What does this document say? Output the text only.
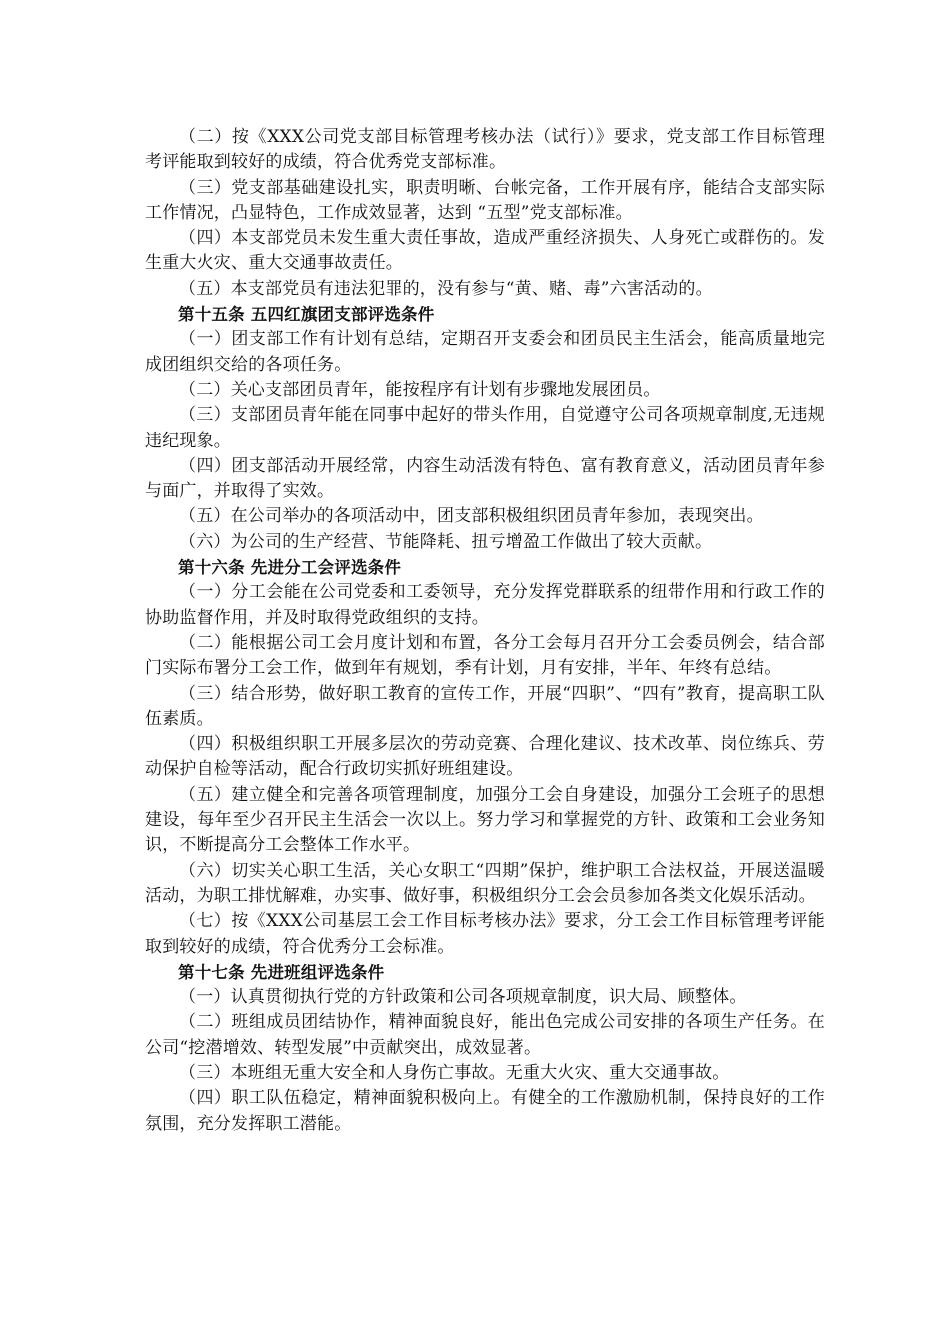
（二）按《XXX公司党支部目标管理考核办法（试行）》要求，党支部工作目标管理考评能取到较好的成绩，符合优秀党支部标准。

（三）党支部基础建设扎实，职责明晰、台帐完备，工作开展有序，能结合支部实际工作情况，凸显特色，工作成效显著，达到 “五型”党支部标准。

（四）本支部党员未发生重大责任事故，造成严重经济损失、人身死亡或群伤的。发生重大火灾、重大交通事故责任。

（五）本支部党员有违法犯罪的，没有参与“黄、赌、毒”六害活动的。

第十五条 五四红旗团支部评选条件

（一）团支部工作有计划有总结，定期召开支委会和团员民主生活会，能高质量地完成团组织交给的各项任务。

（二）关心支部团员青年，能按程序有计划有步骤地发展团员。

（三）支部团员青年能在同事中起好的带头作用，自觉遵守公司各项规章制度,无违规违纪现象。

（四）团支部活动开展经常，内容生动活泼有特色、富有教育意义，活动团员青年参与面广，并取得了实效。

（五）在公司举办的各项活动中，团支部积极组织团员青年参加，表现突出。

（六）为公司的生产经营、节能降耗、扭亏增盈工作做出了较大贡献。

第十六条 先进分工会评选条件

（一）分工会能在公司党委和工委领导，充分发挥党群联系的纽带作用和行政工作的协助监督作用，并及时取得党政组织的支持。

（二）能根据公司工会月度计划和布置，各分工会每月召开分工会委员例会，结合部门实际布署分工会工作，做到年有规划，季有计划，月有安排，半年、年终有总结。

（三）结合形势，做好职工教育的宣传工作，开展“四职”、“四有”教育，提高职工队伍素质。

（四）积极组织职工开展多层次的劳动竞赛、合理化建议、技术改革、岗位练兵、劳动保护自检等活动，配合行政切实抓好班组建设。

（五）建立健全和完善各项管理制度，加强分工会自身建设，加强分工会班子的思想建设，每年至少召开民主生活会一次以上。努力学习和掌握党的方针、政策和工会业务知识，不断提高分工会整体工作水平。

（六）切实关心职工生活，关心女职工“四期”保护，维护职工合法权益，开展送温暖活动，为职工排忧解难，办实事、做好事，积极组织分工会会员参加各类文化娱乐活动。

（七）按《XXX公司基层工会工作目标考核办法》要求，分工会工作目标管理考评能取到较好的成绩，符合优秀分工会标准。

第十七条 先进班组评选条件

（一）认真贯彻执行党的方针政策和公司各项规章制度，识大局、顾整体。

（二）班组成员团结协作，精神面貌良好，能出色完成公司安排的各项生产任务。在公司“挖潜增效、转型发展”中贡献突出，成效显著。

（三）本班组无重大安全和人身伤亡事故。无重大火灾、重大交通事故。

（四）职工队伍稳定，精神面貌积极向上。有健全的工作激励机制，保持良好的工作氛围，充分发挥职工潜能。
